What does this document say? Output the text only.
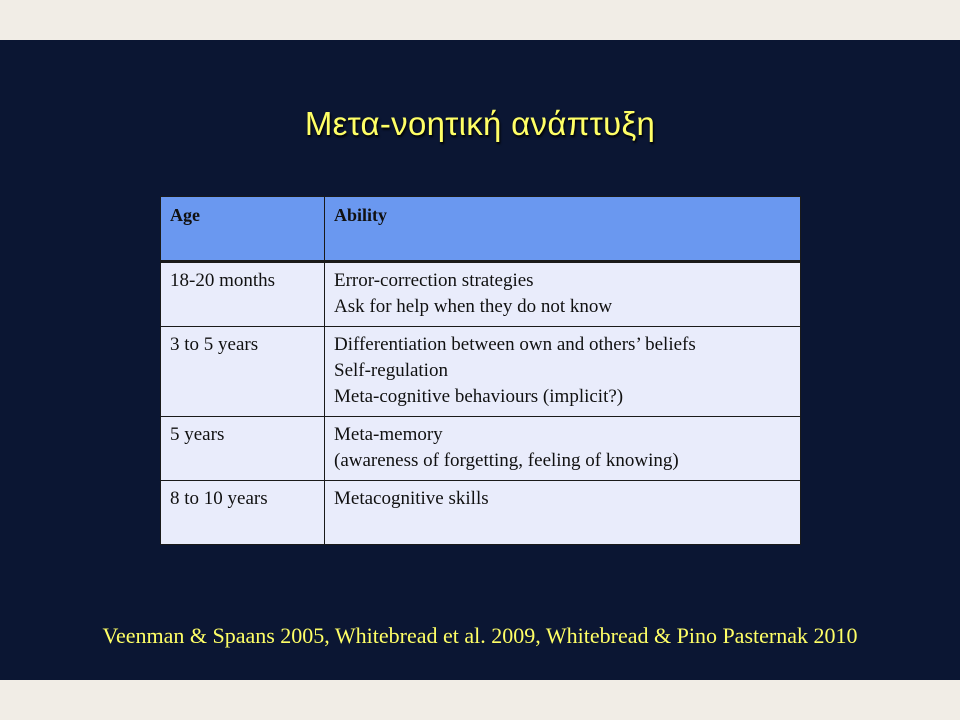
Μετα-νοητική ανάπτυξη
Age	Ability
18-20 months	Error-correction strategies
Ask for help when they do not know

3 to 5 years	Differentiation between own and others’ beliefs
Self-regulation
Meta-cognitive behaviours (implicit?)

5 years	Meta-memory
(awareness of forgetting, feeling of knowing)

8 to 10 years	Metacognitive skills
Veenman & Spaans 2005, Whitebread et al. 2009, Whitebread & Pino Pasternak 2010
